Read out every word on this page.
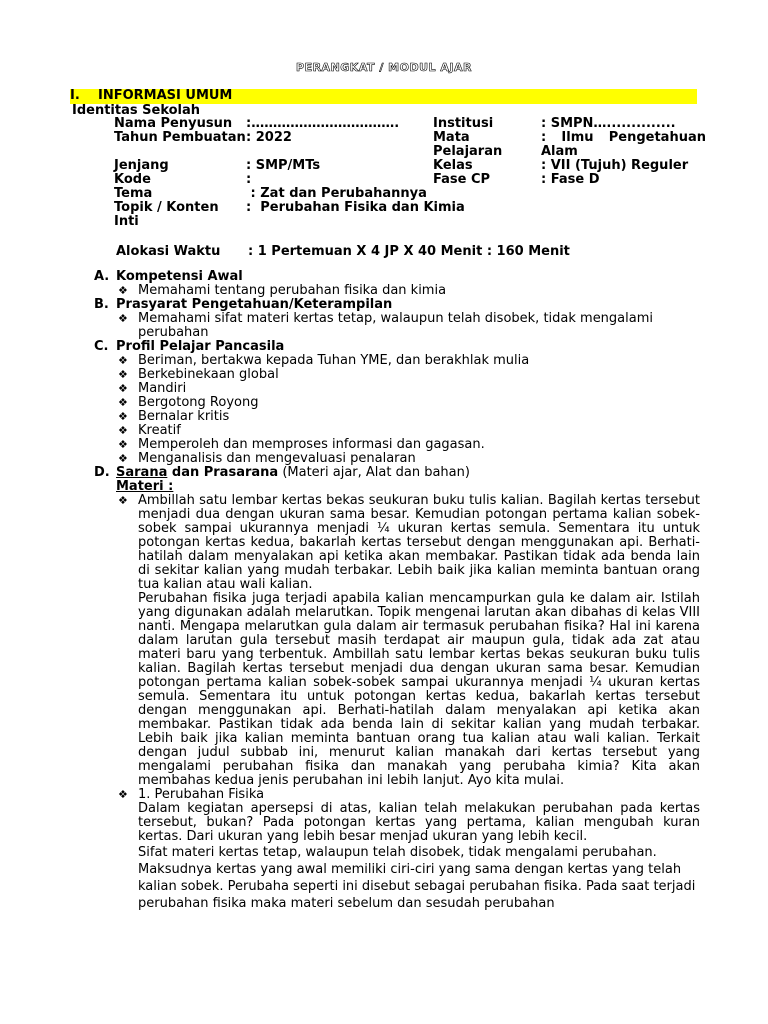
PERANGKAT / MODUL AJAR
I. INFORMASI UMUM
Identitas Sekolah
Nama Penyusun	:…………………………….	Institusi	: SMPN…..............
Tahun Pembuatan	: 2022	Mata Pelajaran	: Ilmu Pengetahuan Alam
Jenjang	: SMP/MTs	Kelas	: VII (Tujuh) Reguler
Kode	:	Fase CP	: Fase D
Tema	: Zat dan Perubahannya		
Topik / Konten Inti	:  Perubahan Fisika dan Kimia		
Alokasi Waktu : 1 Pertemuan X 4 JP X 40 Menit : 160 Menit

A. Kompetensi Awal

❖ Memahami tentang perubahan fisika dan kimia

B. Prasyarat Pengetahuan/Keterampilan

❖ Memahami sifat materi kertas tetap, walaupun telah disobek, tidak mengalami perubahan

C. Profil Pelajar Pancasila

❖ Beriman, bertakwa kepada Tuhan YME, dan berakhlak mulia

❖ Berkebinekaan global

❖ Mandiri

❖ Bergotong Royong

❖ Bernalar kritis

❖ Kreatif

❖ Memperoleh dan memproses informasi dan gagasan.

❖ Menganalisis dan mengevaluasi penalaran

D. Sarana dan Prasarana (Materi ajar, Alat dan bahan)

Materi :

❖ Ambillah satu lembar kertas bekas seukuran buku tulis kalian. Bagilah kertas tersebut menjadi dua dengan ukuran sama besar. Kemudian potongan pertama kalian sobek-sobek sampai ukurannya menjadi ¼ ukuran kertas semula. Sementara itu untuk potongan kertas kedua, bakarlah kertas tersebut dengan menggunakan api. Berhati-hatilah dalam menyalakan api ketika akan membakar. Pastikan tidak ada benda lain di sekitar kalian yang mudah terbakar. Lebih baik jika kalian meminta bantuan orang tua kalian atau wali kalian.

Perubahan fisika juga terjadi apabila kalian mencampurkan gula ke dalam air. Istilah yang digunakan adalah melarutkan. Topik mengenai larutan akan dibahas di kelas VIII nanti. Mengapa melarutkan gula dalam air termasuk perubahan fisika? Hal ini karena dalam larutan gula tersebut masih terdapat air maupun gula, tidak ada zat atau materi baru yang terbentuk. Ambillah satu lembar kertas bekas seukuran buku tulis kalian. Bagilah kertas tersebut menjadi dua dengan ukuran sama besar. Kemudian potongan pertama kalian sobek-sobek sampai ukurannya menjadi ¼ ukuran kertas semula. Sementara itu untuk potongan kertas kedua, bakarlah kertas tersebut dengan menggunakan api. Berhati-hatilah dalam menyalakan api ketika akan membakar. Pastikan tidak ada benda lain di sekitar kalian yang mudah terbakar. Lebih baik jika kalian meminta bantuan orang tua kalian atau wali kalian. Terkait dengan judul subbab ini, menurut kalian manakah dari kertas tersebut yang mengalami perubahan fisika dan manakah yang perubaha kimia? Kita akan membahas kedua jenis perubahan ini lebih lanjut. Ayo kita mulai.

❖ 1. Perubahan Fisika

Dalam kegiatan apersepsi di atas, kalian telah melakukan perubahan pada kertas tersebut, bukan? Pada potongan kertas yang pertama, kalian mengubah kuran kertas. Dari ukuran yang lebih besar menjad ukuran yang lebih kecil.

Sifat materi kertas tetap, walaupun telah disobek, tidak mengalami perubahan. Maksudnya kertas yang awal memiliki ciri-ciri yang sama dengan kertas yang telah kalian sobek. Perubaha seperti ini disebut sebagai perubahan fisika. Pada saat terjadi perubahan fisika maka materi sebelum dan sesudah perubahan
